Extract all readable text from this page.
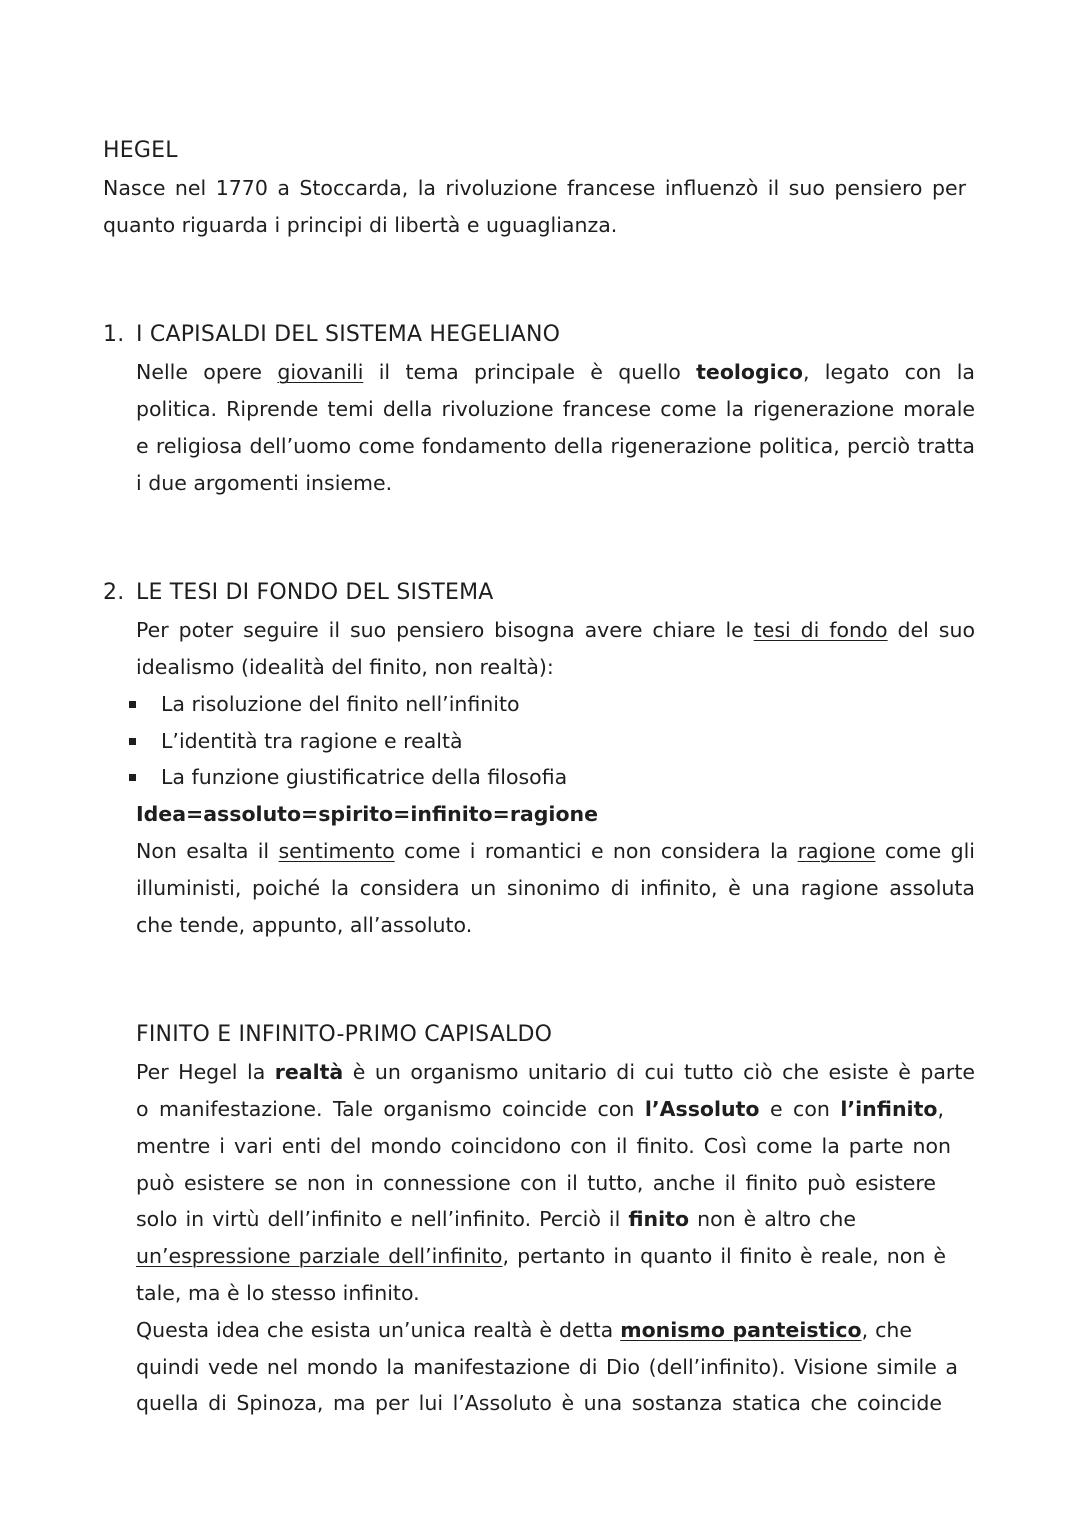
HEGEL
Nasce nel 1770 a Stoccarda, la rivoluzione francese influenzò il suo pensiero per
quanto riguarda i principi di libertà e uguaglianza.
1. I CAPISALDI DEL SISTEMA HEGELIANO
Nelle opere giovanili il tema principale è quello teologico, legato con la
politica. Riprende temi della rivoluzione francese come la rigenerazione morale
e religiosa dell’uomo come fondamento della rigenerazione politica, perciò tratta
i due argomenti insieme.
2. LE TESI DI FONDO DEL SISTEMA
Per poter seguire il suo pensiero bisogna avere chiare le tesi di fondo del suo
idealismo (idealità del finito, non realtà):
La risoluzione del finito nell’infinito
L’identità tra ragione e realtà
La funzione giustificatrice della filosofia
Idea=assoluto=spirito=infinito=ragione
Non esalta il sentimento come i romantici e non considera la ragione come gli
illuministi, poiché la considera un sinonimo di infinito, è una ragione assoluta
che tende, appunto, all’assoluto.
FINITO E INFINITO-PRIMO CAPISALDO
Per Hegel la realtà è un organismo unitario di cui tutto ciò che esiste è parte
o manifestazione. Tale organismo coincide con l’Assoluto e con l’infinito,
mentre i vari enti del mondo coincidono con il finito. Così come la parte non
può esistere se non in connessione con il tutto, anche il finito può esistere
solo in virtù dell’infinito e nell’infinito. Perciò il finito non è altro che
un’espressione parziale dell’infinito, pertanto in quanto il finito è reale, non è
tale, ma è lo stesso infinito.
Questa idea che esista un’unica realtà è detta monismo panteistico, che
quindi vede nel mondo la manifestazione di Dio (dell’infinito). Visione simile a
quella di Spinoza, ma per lui l’Assoluto è una sostanza statica che coincide
